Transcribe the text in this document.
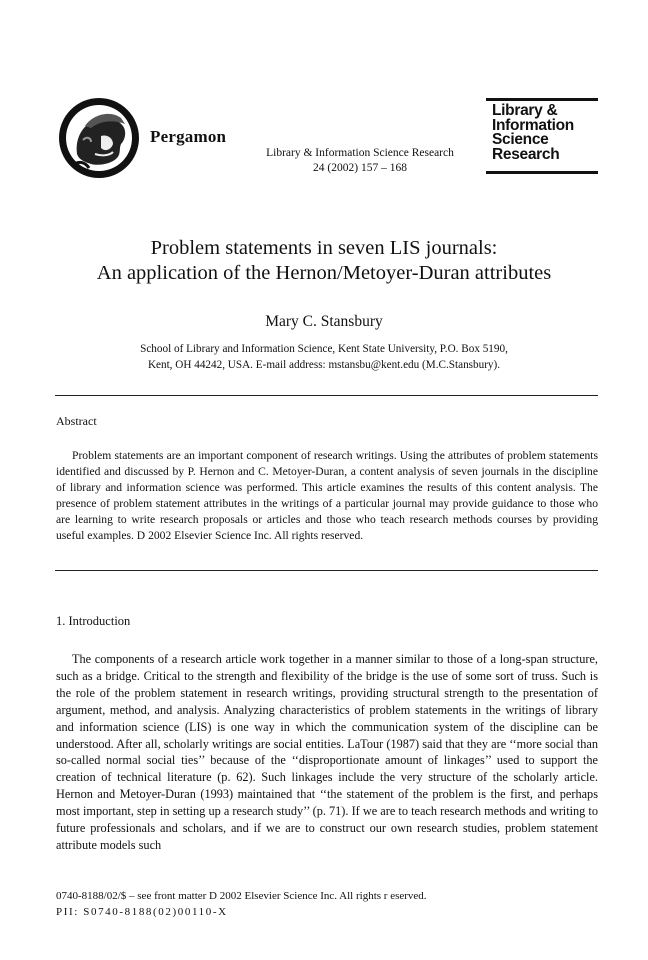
Pergamon
Library & Information Science Research
24 (2002) 157 – 168
Library &
Information
Science
Research
Problem statements in seven LIS journals:
An application of the Hernon/Metoyer-Duran attributes
Mary C. Stansbury
School of Library and Information Science, Kent State University, P.O. Box 5190,
Kent, OH 44242, USA. E-mail address: mstansbu@kent.edu (M.C.Stansbury).
Abstract
Problem statements are an important component of research writings. Using the attributes of problem statements identified and discussed by P. Hernon and C. Metoyer-Duran, a content analysis of seven journals in the discipline of library and information science was performed. This article examines the results of this content analysis. The presence of problem statement attributes in the writings of a particular journal may provide guidance to those who are learning to write research proposals or articles and those who teach research methods courses by providing useful examples. D 2002 Elsevier Science Inc. All rights reserved.
1. Introduction
The components of a research article work together in a manner similar to those of a long-span structure, such as a bridge. Critical to the strength and flexibility of the bridge is the use of some sort of truss. Such is the role of the problem statement in research writings, providing structural strength to the presentation of argument, method, and analysis. Analyzing characteristics of problem statements in the writings of library and information science (LIS) is one way in which the communication system of the discipline can be understood. After all, scholarly writings are social entities. LaTour (1987) said that they are ‘‘more social than so-called normal social ties’’ because of the ‘‘disproportionate amount of linkages’’ used to support the creation of technical literature (p. 62). Such linkages include the very structure of the scholarly article. Hernon and Metoyer-Duran (1993) maintained that ‘‘the statement of the problem is the first, and perhaps most important, step in setting up a research study’’ (p. 71). If we are to teach research methods and writing to future professionals and scholars, and if we are to construct our own research studies, problem statement attribute models such
0740-8188/02/$ – see front matter D 2002 Elsevier Science Inc. All rights r eserved.
PII: S0740-8188(02)00110-X
